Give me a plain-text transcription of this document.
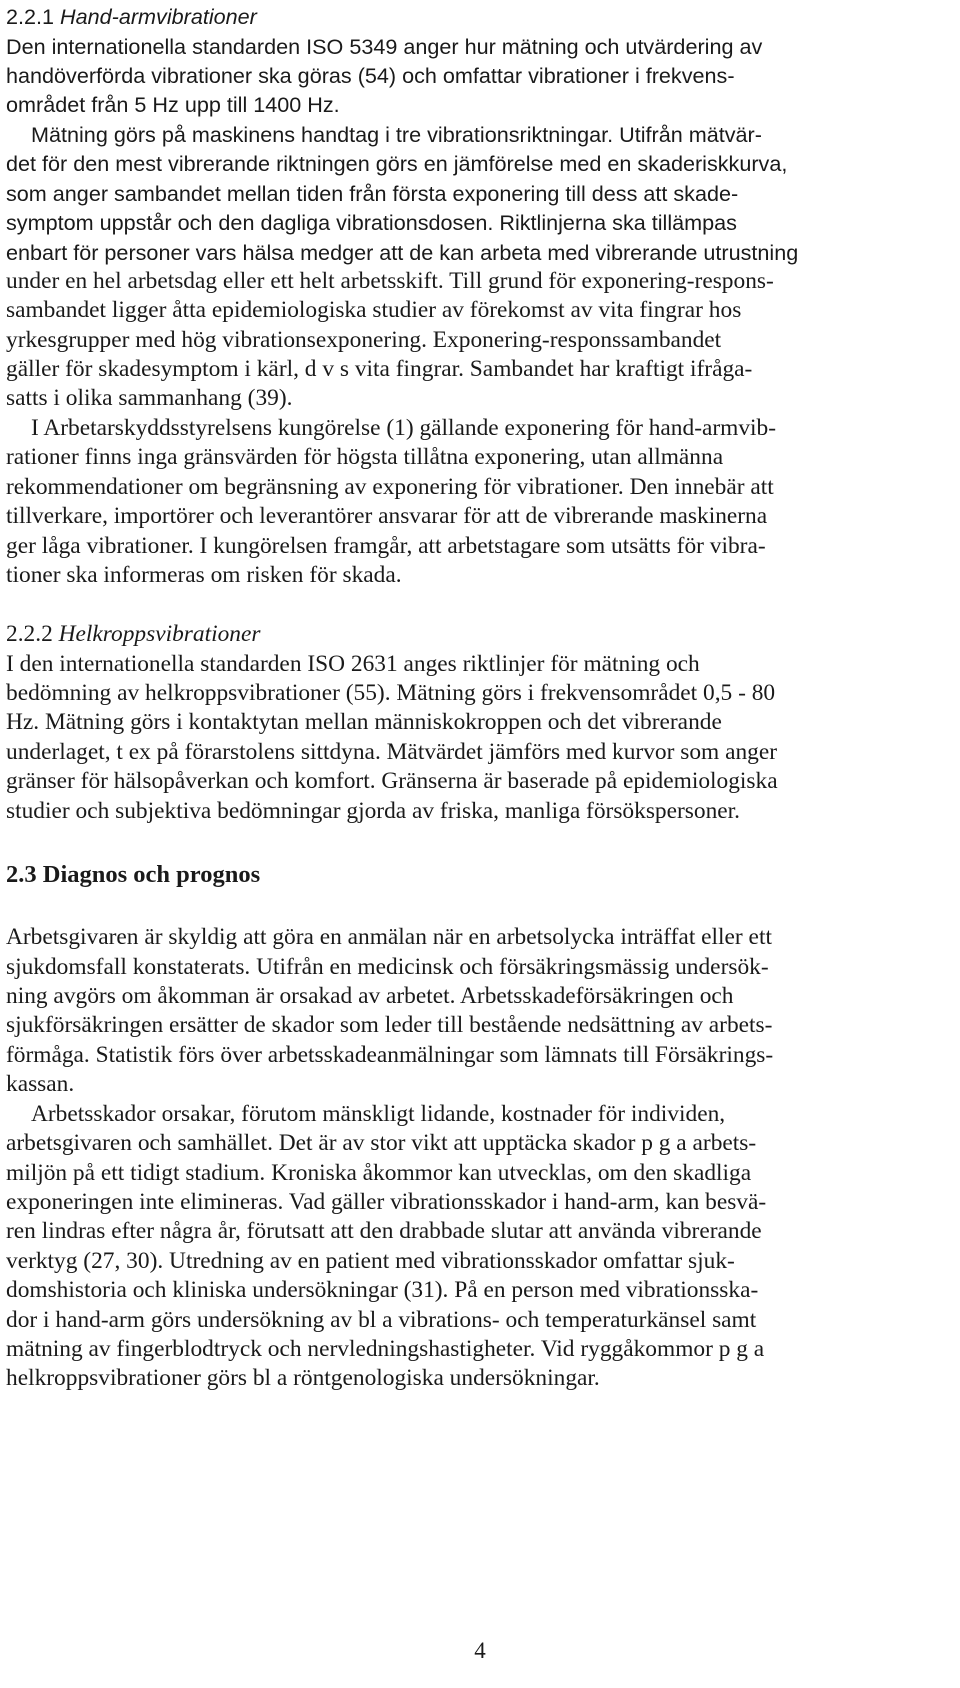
2.2.1 Hand-armvibrationer
Den internationella standarden ISO 5349 anger hur mätning och utvärdering av
handöverförda vibrationer ska göras (54) och omfattar vibrationer i frekvens-
området från 5 Hz upp till 1400 Hz.
Mätning görs på maskinens handtag i tre vibrationsriktningar. Utifrån mätvär-
det för den mest vibrerande riktningen görs en jämförelse med en skaderiskkurva,
som anger sambandet mellan tiden från första exponering till dess att skade-
symptom uppstår och den dagliga vibrationsdosen. Riktlinjerna ska tillämpas
enbart för personer vars hälsa medger att de kan arbeta med vibrerande utrustning
under en hel arbetsdag eller ett helt arbetsskift. Till grund för exponering-respons-
sambandet ligger åtta epidemiologiska studier av förekomst av vita fingrar hos
yrkesgrupper med hög vibrationsexponering. Exponering-responssambandet
gäller för skadesymptom i kärl, d v s vita fingrar. Sambandet har kraftigt ifråga-
satts i olika sammanhang (39).
I Arbetarskyddsstyrelsens kungörelse (1) gällande exponering för hand-armvib-
rationer finns inga gränsvärden för högsta tillåtna exponering, utan allmänna
rekommendationer om begränsning av exponering för vibrationer. Den innebär att
tillverkare, importörer och leverantörer ansvarar för att de vibrerande maskinerna
ger låga vibrationer. I kungörelsen framgår, att arbetstagare som utsätts för vibra-
tioner ska informeras om risken för skada.
2.2.2 Helkroppsvibrationer
I den internationella standarden ISO 2631 anges riktlinjer för mätning och
bedömning av helkroppsvibrationer (55). Mätning görs i frekvensområdet 0,5 - 80
Hz. Mätning görs i kontaktytan mellan människokroppen och det vibrerande
underlaget, t ex på förarstolens sittdyna. Mätvärdet jämförs med kurvor som anger
gränser för hälsopåverkan och komfort. Gränserna är baserade på epidemiologiska
studier och subjektiva bedömningar gjorda av friska, manliga försökspersoner.
2.3 Diagnos och prognos
Arbetsgivaren är skyldig att göra en anmälan när en arbetsolycka inträffat eller ett
sjukdomsfall konstaterats. Utifrån en medicinsk och försäkringsmässig undersök-
ning avgörs om åkomman är orsakad av arbetet. Arbetsskadeförsäkringen och
sjukförsäkringen ersätter de skador som leder till bestående nedsättning av arbets-
förmåga. Statistik förs över arbetsskadeanmälningar som lämnats till Försäkrings-
kassan.
Arbetsskador orsakar, förutom mänskligt lidande, kostnader för individen,
arbetsgivaren och samhället. Det är av stor vikt att upptäcka skador p g a arbets-
miljön på ett tidigt stadium. Kroniska åkommor kan utvecklas, om den skadliga
exponeringen inte elimineras. Vad gäller vibrationsskador i hand-arm, kan besvä-
ren lindras efter några år, förutsatt att den drabbade slutar att använda vibrerande
verktyg (27, 30). Utredning av en patient med vibrationsskador omfattar sjuk-
domshistoria och kliniska undersökningar (31). På en person med vibrationsska-
dor i hand-arm görs undersökning av bl a vibrations- och temperaturkänsel samt
mätning av fingerblodtryck och nervledningshastigheter. Vid ryggåkommor p g a
helkroppsvibrationer görs bl a röntgenologiska undersökningar.
4
